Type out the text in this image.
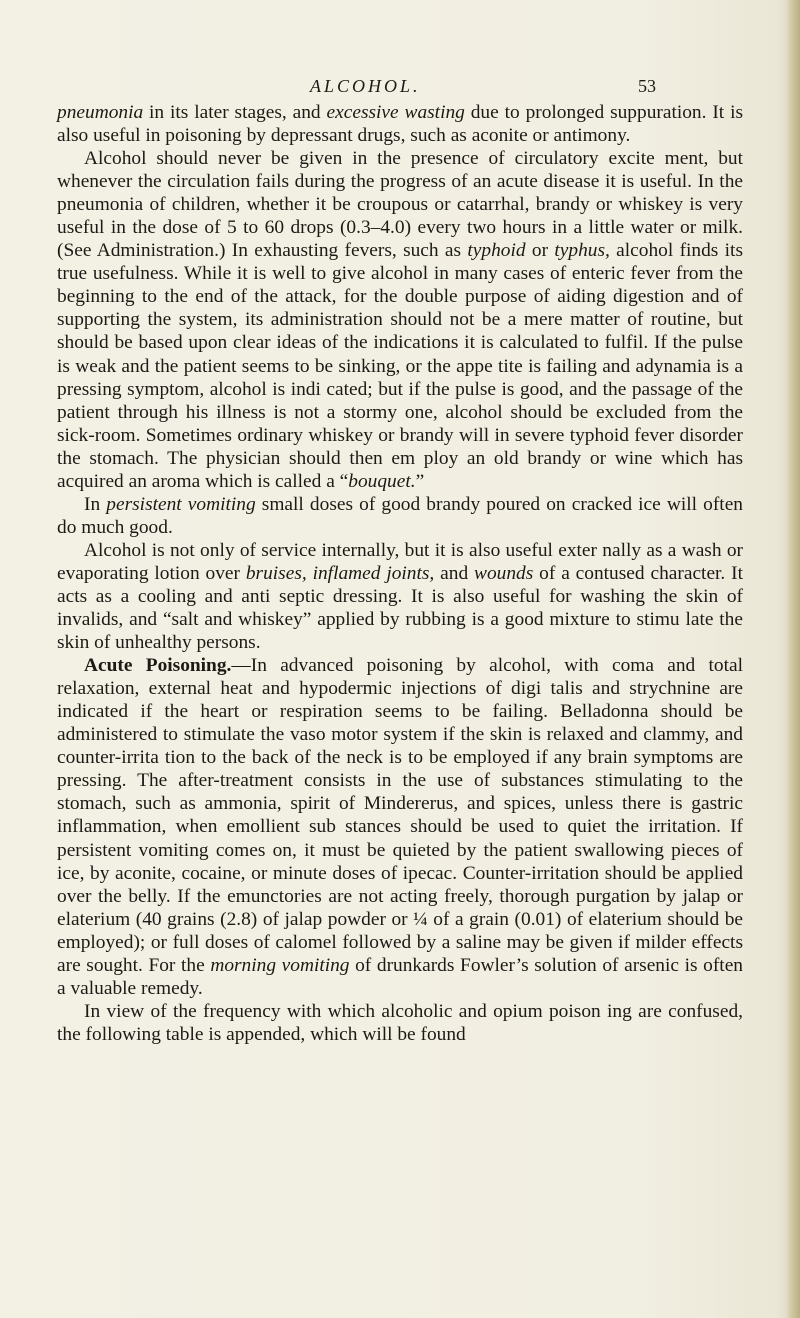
ALCOHOL.	53

pneumonia in its later stages, and excessive wasting due to prolonged suppuration. It is also useful in poisoning by depressant drugs, such as aconite or antimony.

Alcohol should never be given in the presence of circulatory excite ment, but whenever the circulation fails during the progress of an acute disease it is useful. In the pneumonia of children, whether it be croupous or catarrhal, brandy or whiskey is very useful in the dose of 5 to 60 drops (0.3–4.0) every two hours in a little water or milk. (See Administration.) In exhausting fevers, such as typhoid or typhus, alcohol finds its true usefulness. While it is well to give alcohol in many cases of enteric fever from the beginning to the end of the attack, for the double purpose of aiding digestion and of supporting the system, its administration should not be a mere matter of routine, but should be based upon clear ideas of the indications it is calculated to fulfil. If the pulse is weak and the patient seems to be sinking, or the appe tite is failing and adynamia is a pressing symptom, alcohol is indi cated; but if the pulse is good, and the passage of the patient through his illness is not a stormy one, alcohol should be excluded from the sick-room. Sometimes ordinary whiskey or brandy will in severe typhoid fever disorder the stomach. The physician should then em ploy an old brandy or wine which has acquired an aroma which is called a “bouquet.”

In persistent vomiting small doses of good brandy poured on cracked ice will often do much good.

Alcohol is not only of service internally, but it is also useful exter nally as a wash or evaporating lotion over bruises, inflamed joints, and wounds of a contused character. It acts as a cooling and anti septic dressing. It is also useful for washing the skin of invalids, and “salt and whiskey” applied by rubbing is a good mixture to stimu late the skin of unhealthy persons.

Acute Poisoning.—In advanced poisoning by alcohol, with coma and total relaxation, external heat and hypodermic injections of digi talis and strychnine are indicated if the heart or respiration seems to be failing. Belladonna should be administered to stimulate the vaso motor system if the skin is relaxed and clammy, and counter-irrita tion to the back of the neck is to be employed if any brain symptoms are pressing. The after-treatment consists in the use of substances stimulating to the stomach, such as ammonia, spirit of Mindererus, and spices, unless there is gastric inflammation, when emollient sub stances should be used to quiet the irritation. If persistent vomiting comes on, it must be quieted by the patient swallowing pieces of ice, by aconite, cocaine, or minute doses of ipecac. Counter-irritation should be applied over the belly. If the emunctories are not acting freely, thorough purgation by jalap or elaterium (40 grains (2.8) of jalap powder or ¼ of a grain (0.01) of elaterium should be employed); or full doses of calomel followed by a saline may be given if milder effects are sought. For the morning vomiting of drunkards Fowler’s solution of arsenic is often a valuable remedy.

In view of the frequency with which alcoholic and opium poison ing are confused, the following table is appended, which will be found
